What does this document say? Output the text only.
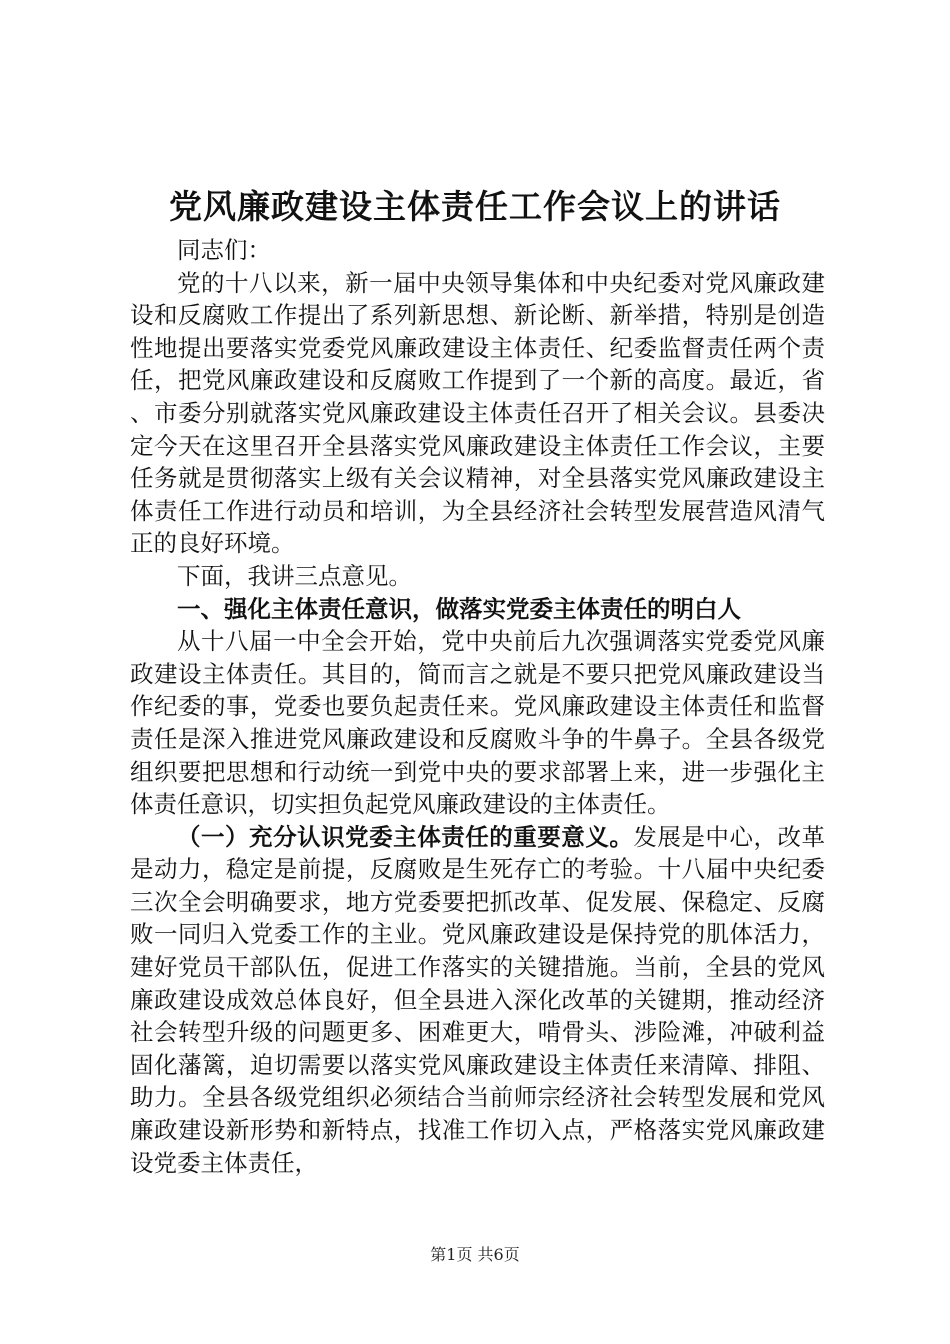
党风廉政建设主体责任工作会议上的讲话

同志们：

党的十八以来，新一届中央领导集体和中央纪委对党风廉政建设和反腐败工作提出了系列新思想、新论断、新举措，特别是创造性地提出要落实党委党风廉政建设主体责任、纪委监督责任两个责任，把党风廉政建设和反腐败工作提到了一个新的高度。最近，省、市委分别就落实党风廉政建设主体责任召开了相关会议。县委决定今天在这里召开全县落实党风廉政建设主体责任工作会议，主要任务就是贯彻落实上级有关会议精神，对全县落实党风廉政建设主体责任工作进行动员和培训，为全县经济社会转型发展营造风清气正的良好环境。

下面，我讲三点意见。

一、强化主体责任意识，做落实党委主体责任的明白人

从十八届一中全会开始，党中央前后九次强调落实党委党风廉政建设主体责任。其目的，简而言之就是不要只把党风廉政建设当作纪委的事，党委也要负起责任来。党风廉政建设主体责任和监督责任是深入推进党风廉政建设和反腐败斗争的牛鼻子。全县各级党组织要把思想和行动统一到党中央的要求部署上来，进一步强化主体责任意识，切实担负起党风廉政建设的主体责任。

（一）充分认识党委主体责任的重要意义。发展是中心，改革是动力，稳定是前提，反腐败是生死存亡的考验。十八届中央纪委三次全会明确要求，地方党委要把抓改革、促发展、保稳定、反腐败一同归入党委工作的主业。党风廉政建设是保持党的肌体活力，建好党员干部队伍，促进工作落实的关键措施。当前，全县的党风廉政建设成效总体良好，但全县进入深化改革的关键期，推动经济社会转型升级的问题更多、困难更大，啃骨头、涉险滩，冲破利益固化藩篱，迫切需要以落实党风廉政建设主体责任来清障、排阻、助力。全县各级党组织必须结合当前师宗经济社会转型发展和党风廉政建设新形势和新特点，找准工作切入点，严格落实党风廉政建设党委主体责任，

第1页 共6页
